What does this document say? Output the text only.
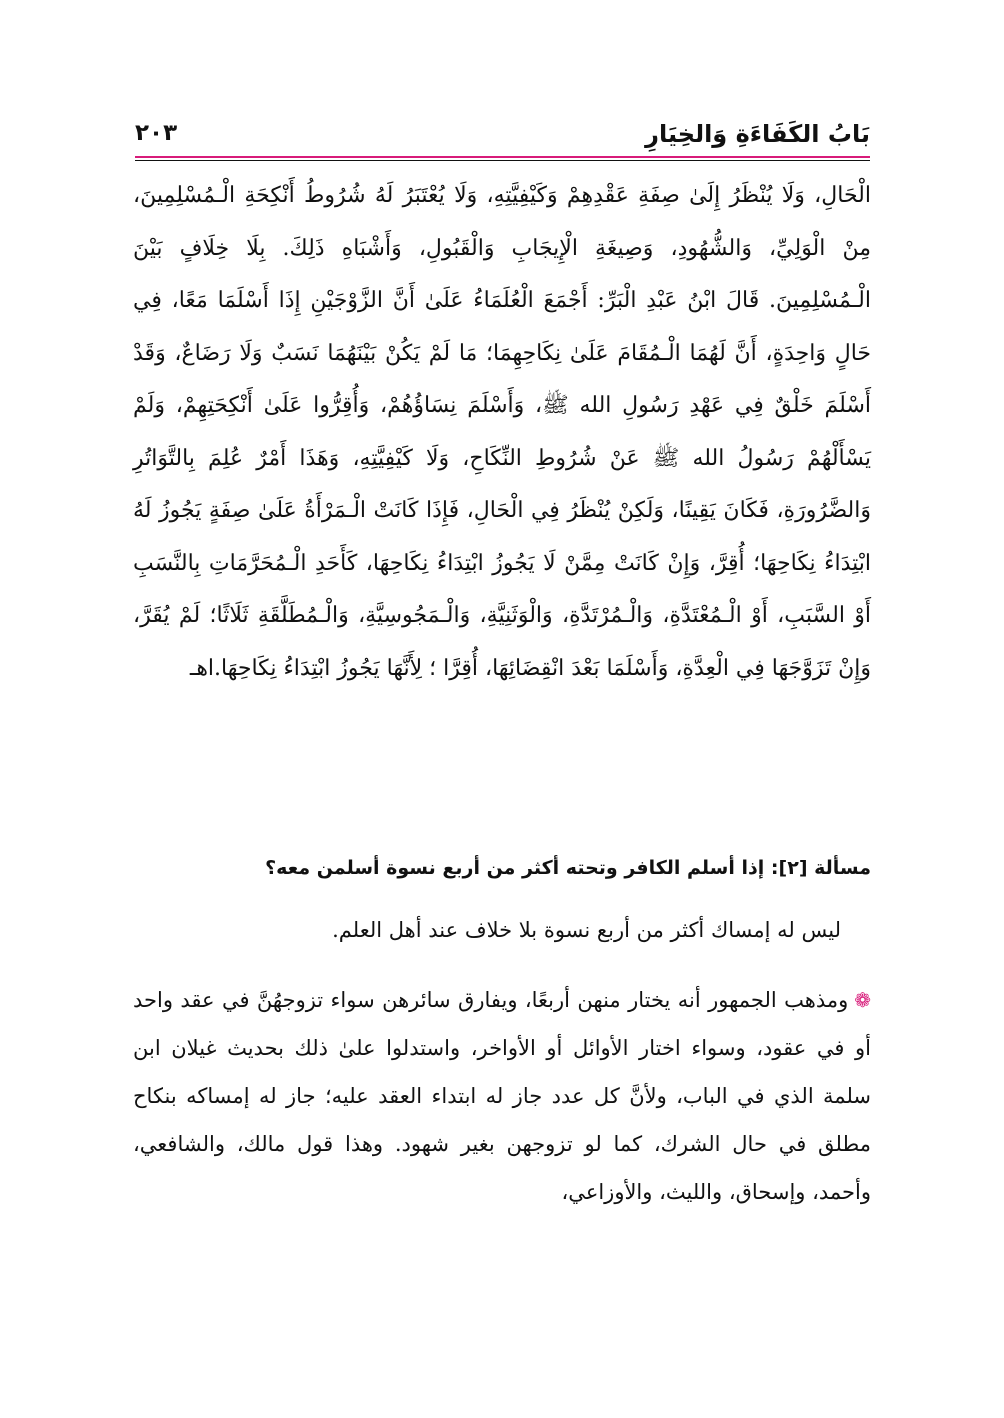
بَابُ الكَفَاءَةِ وَالخِيَارِ
٢٠٣

الْحَالِ، وَلَا يُنْظَرُ إِلَىٰ صِفَةِ عَقْدِهِمْ وَكَيْفِيَّتِهِ، وَلَا يُعْتَبَرُ لَهُ شُرُوطُ أَنْكِحَةِ الْـمُسْلِمِينَ، مِنْ الْوَلِيِّ، وَالشُّهُودِ، وَصِيغَةِ الْإِيجَابِ وَالْقَبُولِ، وَأَشْبَاهِ ذَلِكَ. بِلَا خِلَافٍ بَيْنَ الْـمُسْلِمِينَ. قَالَ ابْنُ عَبْدِ الْبَرِّ: أَجْمَعَ الْعُلَمَاءُ عَلَىٰ أَنَّ الزَّوْجَيْنِ إِذَا أَسْلَمَا مَعًا، فِي حَالٍ وَاحِدَةٍ، أَنَّ لَهُمَا الْـمُقَامَ عَلَىٰ نِكَاحِهِمَا؛ مَا لَمْ يَكُنْ بَيْنَهُمَا نَسَبٌ وَلَا رَضَاعٌ، وَقَدْ أَسْلَمَ خَلْقٌ فِي عَهْدِ رَسُولِ الله ﷺ، وَأَسْلَمَ نِسَاؤُهُمْ، وَأُقِرُّوا عَلَىٰ أَنْكِحَتِهِمْ، وَلَمْ يَسْأَلْهُمْ رَسُولُ الله ﷺ عَنْ شُرُوطِ النِّكَاحِ، وَلَا كَيْفِيَّتِهِ، وَهَذَا أَمْرٌ عُلِمَ بِالتَّوَاتُرِ وَالضَّرُورَةِ، فَكَانَ يَقِينًا، وَلَكِنْ يُنْظَرُ فِي الْحَالِ، فَإِذَا كَانَتْ الْـمَرْأَةُ عَلَىٰ صِفَةٍ يَجُوزُ لَهُ ابْتِدَاءُ نِكَاحِهَا؛ أُقِرَّ، وَإِنْ كَانَتْ مِمَّنْ لَا يَجُوزُ ابْتِدَاءُ نِكَاحِهَا، كَأَحَدِ الْـمُحَرَّمَاتِ بِالنَّسَبِ أَوْ السَّبَبِ، أَوْ الْـمُعْتَدَّةِ، وَالْـمُرْتَدَّةِ، وَالْوَثَنِيَّةِ، وَالْـمَجُوسِيَّةِ، وَالْـمُطَلَّقَةِ ثَلَاثًا؛ لَمْ يُقَرَّ، وَإِنْ تَزَوَّجَهَا فِي الْعِدَّةِ، وَأَسْلَمَا بَعْدَ انْقِضَائِهَا، أُقِرَّا ؛ لِأَنَّهَا يَجُوزُ ابْتِدَاءُ نِكَاحِهَا.اهـ

مسألة [٢]: إذا أسلم الكافر وتحته أكثر من أربع نسوة أسلمن معه؟
ليس له إمساك أكثر من أربع نسوة بلا خلاف عند أهل العلم.
❁ومذهب الجمهور أنه يختار منهن أربعًا، ويفارق سائرهن سواء تزوجهُنَّ في عقد واحد أو في عقود، وسواء اختار الأوائل أو الأواخر، واستدلوا علىٰ ذلك بحديث غيلان ابن سلمة الذي في الباب، ولأنَّ كل عدد جاز له ابتداء العقد عليه؛ جاز له إمساكه بنكاح مطلق في حال الشرك، كما لو تزوجهن بغير شهود. وهذا قول مالك، والشافعي، وأحمد، وإسحاق، والليث، والأوزاعي،
